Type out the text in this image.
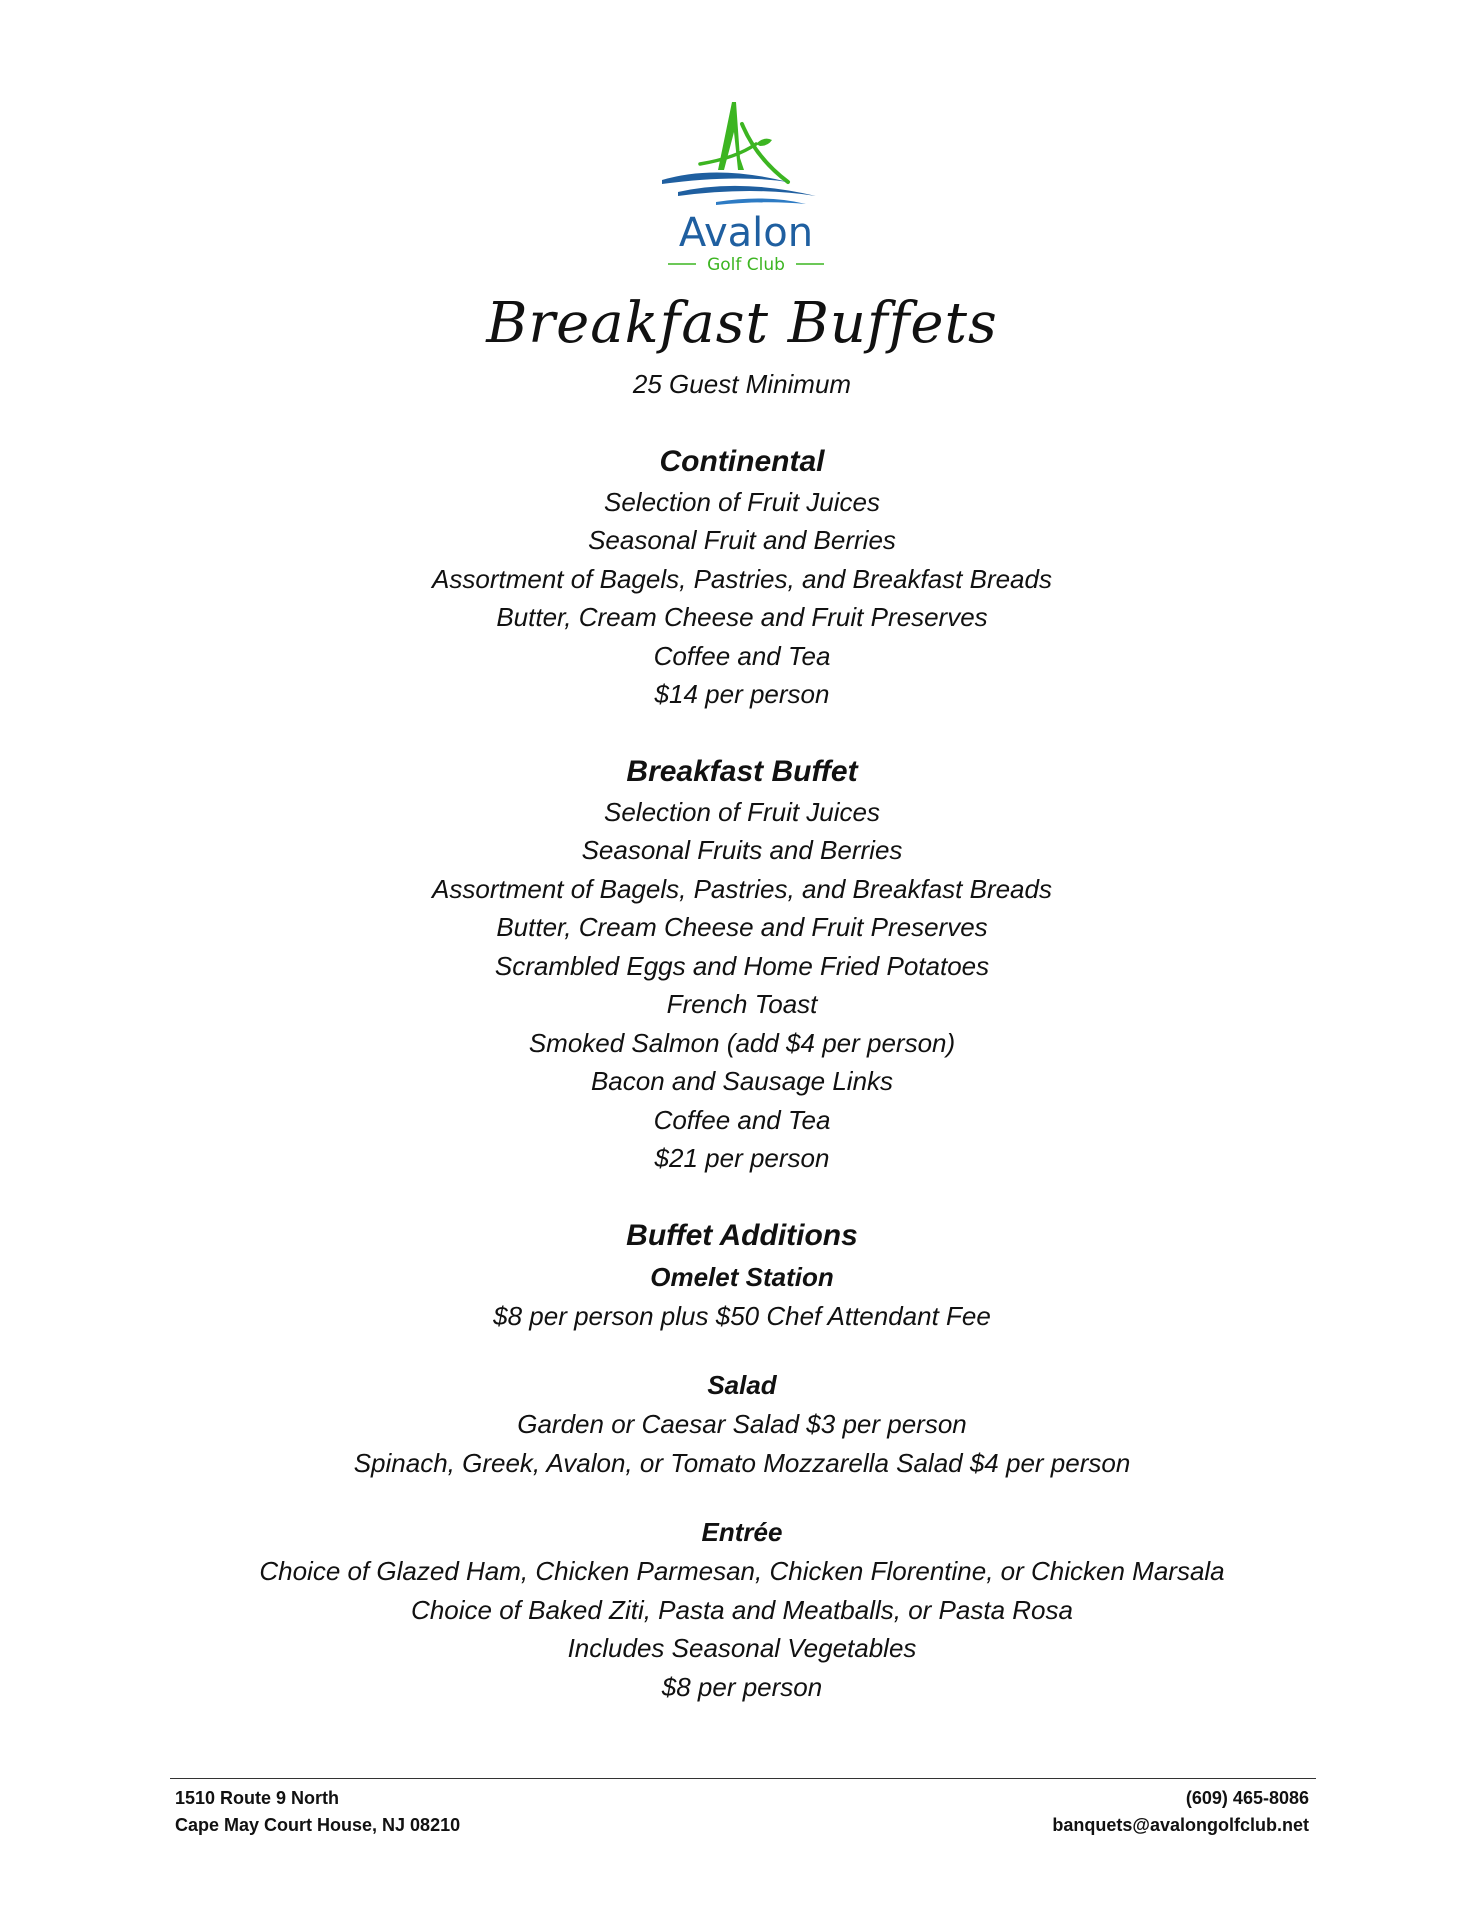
Avalon
Golf Club
Breakfast Buffets
25 Guest Minimum
Continental
Selection of Fruit Juices
Seasonal Fruit and Berries
Assortment of Bagels, Pastries, and Breakfast Breads
Butter, Cream Cheese and Fruit Preserves
Coffee and Tea
$14 per person
Breakfast Buffet
Selection of Fruit Juices
Seasonal Fruits and Berries
Assortment of Bagels, Pastries, and Breakfast Breads
Butter, Cream Cheese and Fruit Preserves
Scrambled Eggs and Home Fried Potatoes
French Toast
Smoked Salmon (add $4 per person)
Bacon and Sausage Links
Coffee and Tea
$21 per person
Buffet Additions
Omelet Station
$8 per person plus $50 Chef Attendant Fee
Salad
Garden or Caesar Salad $3 per person
Spinach, Greek, Avalon, or Tomato Mozzarella Salad $4 per person
Entrée
Choice of Glazed Ham, Chicken Parmesan, Chicken Florentine, or Chicken Marsala
Choice of Baked Ziti, Pasta and Meatballs, or Pasta Rosa
Includes Seasonal Vegetables
$8 per person
1510 Route 9 North
Cape May Court House, NJ 08210
(609) 465-8086
banquets@avalongolfclub.net
